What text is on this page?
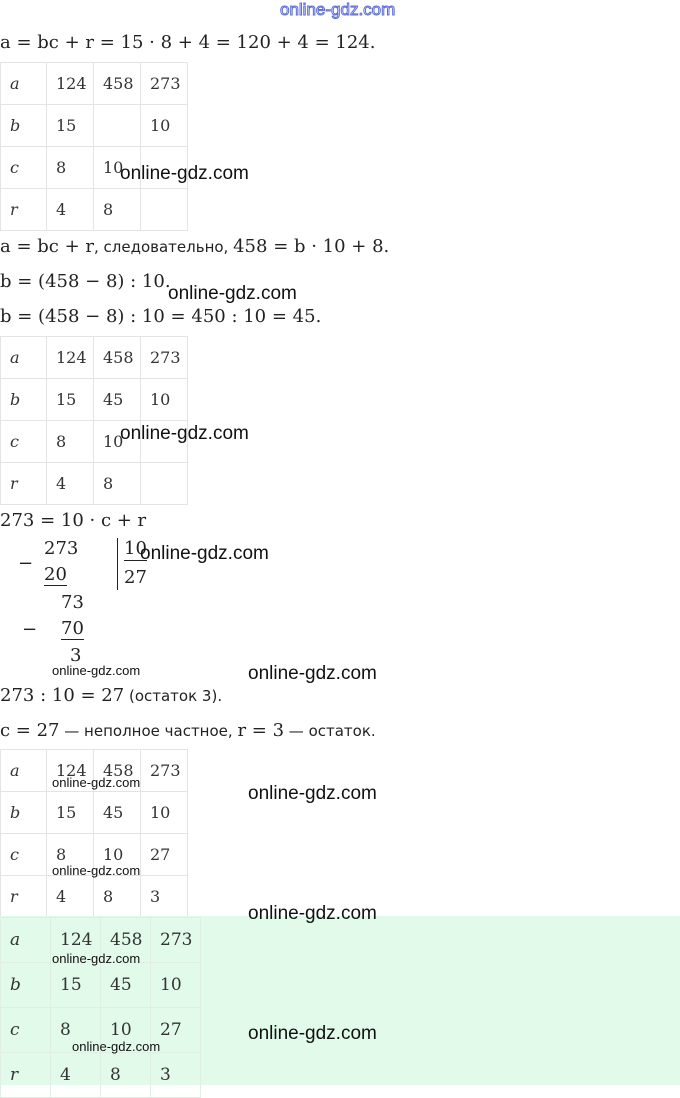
online-gdz.com
a = bc + r = 15 · 8 + 4 = 120 + 4 = 124.
a	124	458	273
b	15		10
c	8	10	
r	4	8	
online-gdz.com
a = bc + r, следовательно, 458 = b · 10 + 8.
b = (458 − 8) : 10.
online-gdz.com
b = (458 − 8) : 10 = 450 : 10 = 45.
a	124	458	273
b	15	45	10
c	8	10	
r	4	8	
online-gdz.com
273 = 10 · c + r
−
273
20
10
27
73
− 70
3
online-gdz.com
online-gdz.com	online-gdz.com
273 : 10 = 27 (остаток 3).
c = 27 — неполное частное, r = 3 — остаток.
a	124	458	273
b	15	45	10
c	8	10	27
r	4	8	3
online-gdz.com
online-gdz.com
online-gdz.com
a	124	458	273
b	15	45	10
c	8	10	27
r	4	8	3
online-gdz.com
online-gdz.com
online-gdz.com
online-gdz.com
